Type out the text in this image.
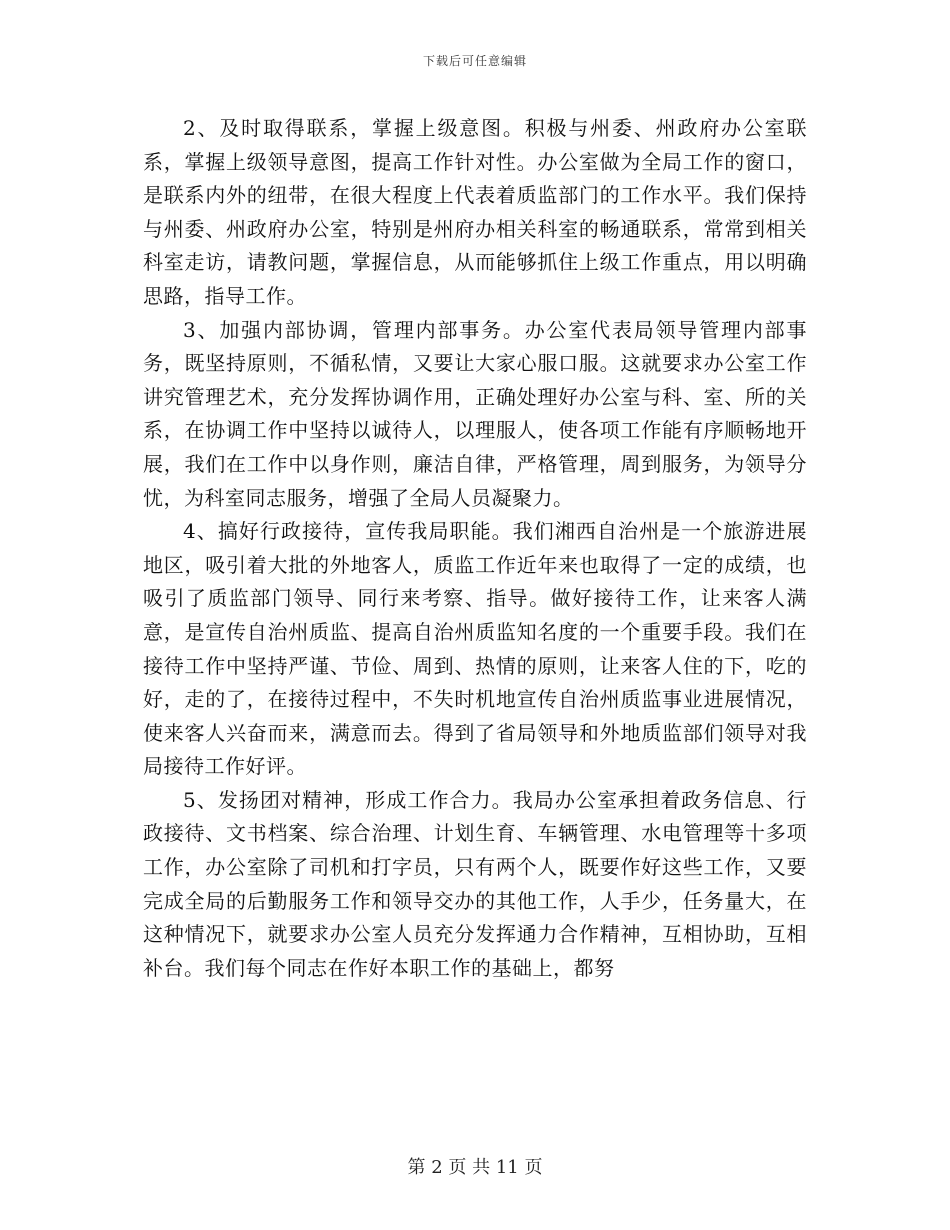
下载后可任意编辑

2、及时取得联系，掌握上级意图。积极与州委、州政府办公室联系，掌握上级领导意图，提高工作针对性。办公室做为全局工作的窗口，是联系内外的纽带，在很大程度上代表着质监部门的工作水平。我们保持与州委、州政府办公室，特别是州府办相关科室的畅通联系，常常到相关科室走访，请教问题，掌握信息，从而能够抓住上级工作重点，用以明确思路，指导工作。

3、加强内部协调，管理内部事务。办公室代表局领导管理内部事务，既坚持原则，不循私情，又要让大家心服口服。这就要求办公室工作讲究管理艺术，充分发挥协调作用，正确处理好办公室与科、室、所的关系，在协调工作中坚持以诚待人，以理服人，使各项工作能有序顺畅地开展，我们在工作中以身作则，廉洁自律，严格管理，周到服务，为领导分忧，为科室同志服务，增强了全局人员凝聚力。

4、搞好行政接待，宣传我局职能。我们湘西自治州是一个旅游进展地区，吸引着大批的外地客人，质监工作近年来也取得了一定的成绩，也吸引了质监部门领导、同行来考察、指导。做好接待工作，让来客人满意，是宣传自治州质监、提高自治州质监知名度的一个重要手段。我们在接待工作中坚持严谨、节俭、周到、热情的原则，让来客人住的下，吃的好，走的了，在接待过程中，不失时机地宣传自治州质监事业进展情况，使来客人兴奋而来，满意而去。得到了省局领导和外地质监部们领导对我局接待工作好评。

5、发扬团对精神，形成工作合力。我局办公室承担着政务信息、行政接待、文书档案、综合治理、计划生育、车辆管理、水电管理等十多项工作，办公室除了司机和打字员，只有两个人，既要作好这些工作，又要完成全局的后勤服务工作和领导交办的其他工作，人手少，任务量大，在这种情况下，就要求办公室人员充分发挥通力合作精神，互相协助，互相补台。我们每个同志在作好本职工作的基础上，都努

第 2 页 共 11 页
